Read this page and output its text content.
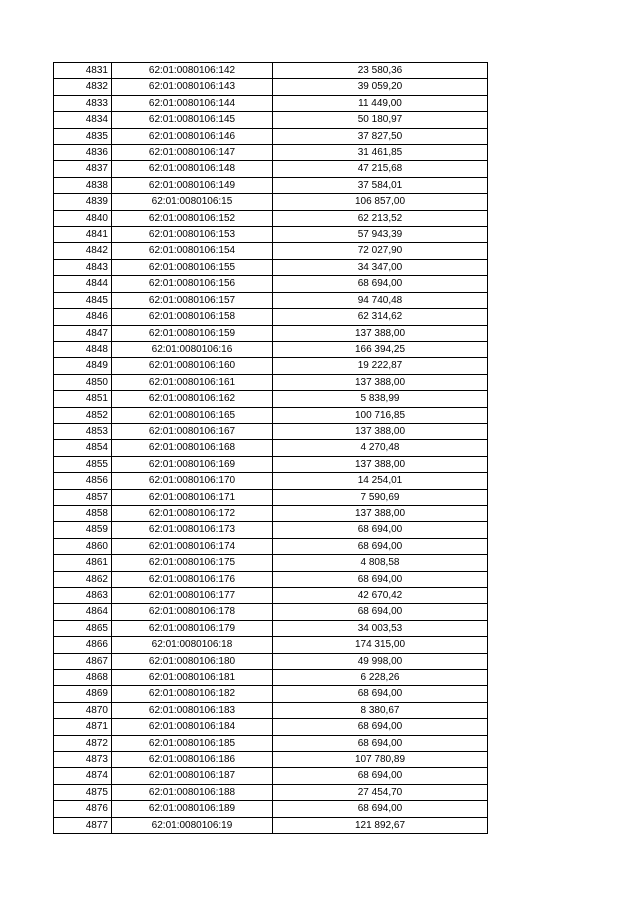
4831	62:01:0080106:142	23 580,36
4832	62:01:0080106:143	39 059,20
4833	62:01:0080106:144	11 449,00
4834	62:01:0080106:145	50 180,97
4835	62:01:0080106:146	37 827,50
4836	62:01:0080106:147	31 461,85
4837	62:01:0080106:148	47 215,68
4838	62:01:0080106:149	37 584,01
4839	62:01:0080106:15	106 857,00
4840	62:01:0080106:152	62 213,52
4841	62:01:0080106:153	57 943,39
4842	62:01:0080106:154	72 027,90
4843	62:01:0080106:155	34 347,00
4844	62:01:0080106:156	68 694,00
4845	62:01:0080106:157	94 740,48
4846	62:01:0080106:158	62 314,62
4847	62:01:0080106:159	137 388,00
4848	62:01:0080106:16	166 394,25
4849	62:01:0080106:160	19 222,87
4850	62:01:0080106:161	137 388,00
4851	62:01:0080106:162	5 838,99
4852	62:01:0080106:165	100 716,85
4853	62:01:0080106:167	137 388,00
4854	62:01:0080106:168	4 270,48
4855	62:01:0080106:169	137 388,00
4856	62:01:0080106:170	14 254,01
4857	62:01:0080106:171	7 590,69
4858	62:01:0080106:172	137 388,00
4859	62:01:0080106:173	68 694,00
4860	62:01:0080106:174	68 694,00
4861	62:01:0080106:175	4 808,58
4862	62:01:0080106:176	68 694,00
4863	62:01:0080106:177	42 670,42
4864	62:01:0080106:178	68 694,00
4865	62:01:0080106:179	34 003,53
4866	62:01:0080106:18	174 315,00
4867	62:01:0080106:180	49 998,00
4868	62:01:0080106:181	6 228,26
4869	62:01:0080106:182	68 694,00
4870	62:01:0080106:183	8 380,67
4871	62:01:0080106:184	68 694,00
4872	62:01:0080106:185	68 694,00
4873	62:01:0080106:186	107 780,89
4874	62:01:0080106:187	68 694,00
4875	62:01:0080106:188	27 454,70
4876	62:01:0080106:189	68 694,00
4877	62:01:0080106:19	121 892,67
